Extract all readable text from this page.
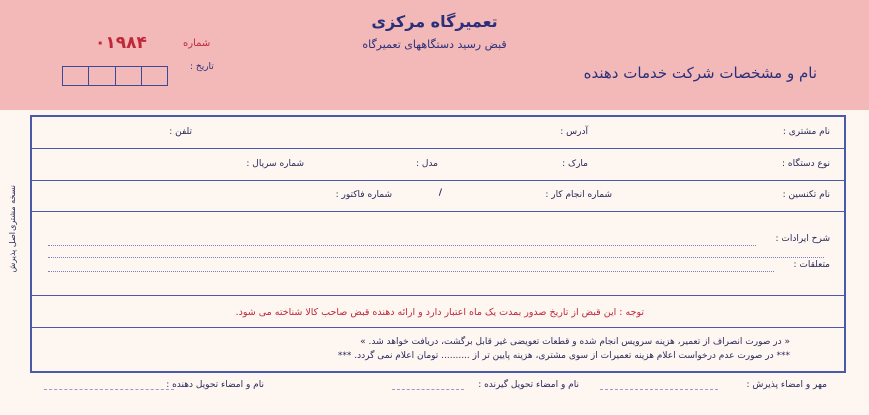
تعمیرگاه مرکزی
قبض رسید دستگاههای تعمیرگاه
نام و مشخصات شرکت خدمات دهنده
شماره
۰۱۹۸۴
تاریخ :
نسخه مشتری
اصل پذیرش
نام مشتری :
آدرس :
تلفن :
نوع دستگاه :
مارک :
مدل :
شماره سریال :
نام تکنسین :
شماره انجام کار :
/
شماره فاکتور :
شرح ایرادات :
متعلقات :
توجه : این قبض از تاریخ صدور بمدت یک ماه اعتبار دارد و ارائه دهنده قبض صاحب کالا شناخته می شود.
« در صورت انصراف از تعمیر، هزینه سرویس انجام شده و قطعات تعویضی غیر قابل برگشت، دریافت خواهد شد. »
*** در صورت عدم درخواست اعلام هزینه تعمیرات از سوی مشتری، هزینه پایین تر از .......... تومان اعلام نمی گردد. ***
مهر و امضاء پذیرش :
نام و امضاء تحویل گیرنده :
نام و امضاء تحویل دهنده :
